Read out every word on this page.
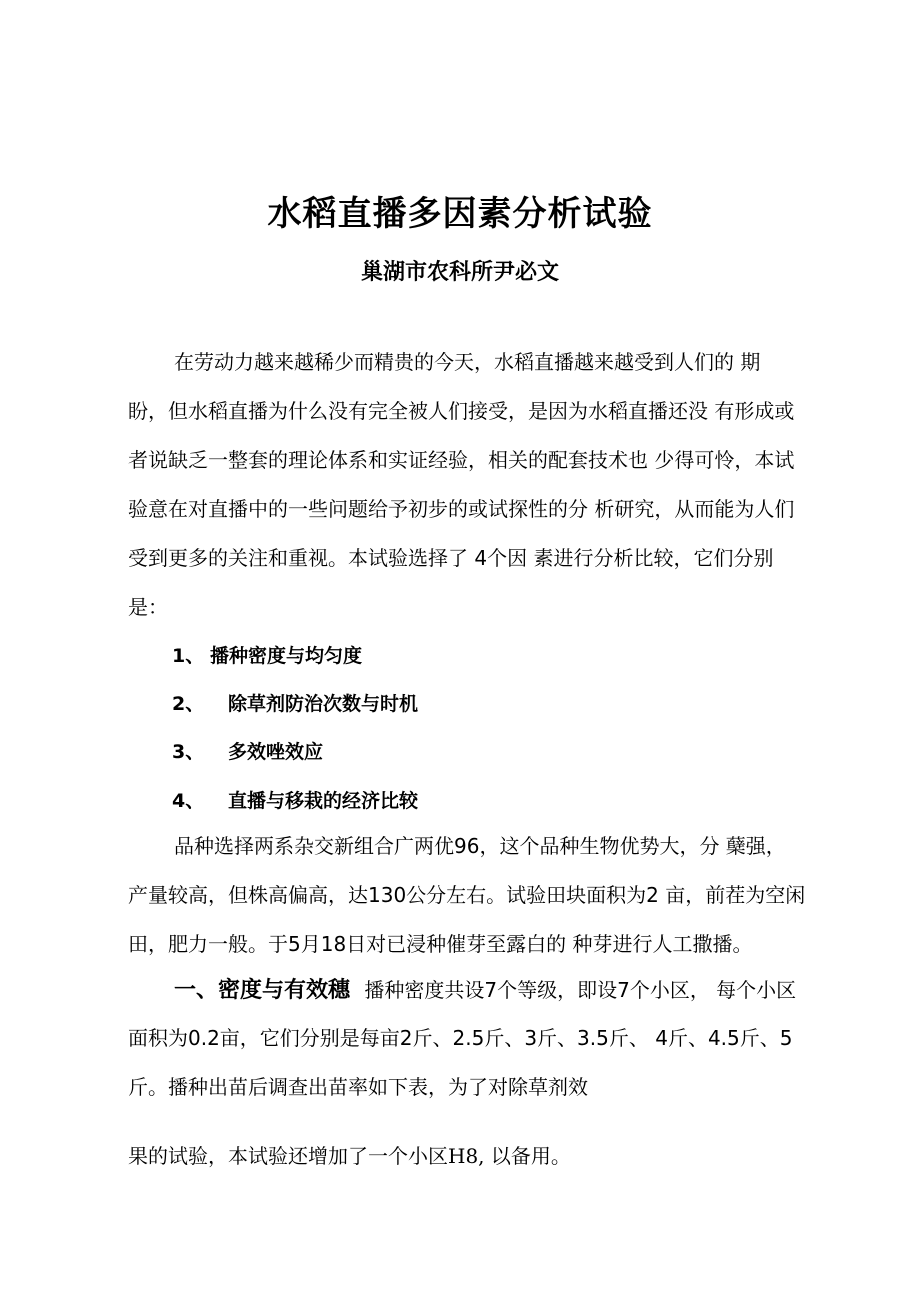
水稻直播多因素分析试验
巢湖市农科所尹必文
在劳动力越来越稀少而精贵的今天，水稻直播越来越受到人们的 期
盼，但水稻直播为什么没有完全被人们接受，是因为水稻直播还没 有形成或
者说缺乏一整套的理论体系和实证经验，相关的配套技术也 少得可怜，本试
验意在对直播中的一些问题给予初步的或试探性的分 析研究，从而能为人们
受到更多的关注和重视。本试验选择了 4个因 素进行分析比较，它们分别
是：
1、 播种密度与均匀度
2、 除草剂防治次数与时机
3、 多效唑效应
4、 直播与移栽的经济比较
品种选择两系杂交新组合广两优96，这个品种生物优势大，分 蘖强，
产量较高，但株高偏高，达130公分左右。试验田块面积为2 亩，前茬为空闲
田，肥力一般。于5月18日对已浸种催芽至露白的 种芽进行人工撒播。
一、密度与有效穗 播种密度共设7个等级，即设7个小区， 每个小区
面积为0.2亩，它们分别是每亩2斤、2.5斤、3斤、3.5斤、 4斤、4.5斤、5
斤。播种出苗后调查出苗率如下表，为了对除草剂效
果的试验，本试验还增加了一个小区H8, 以备用。
